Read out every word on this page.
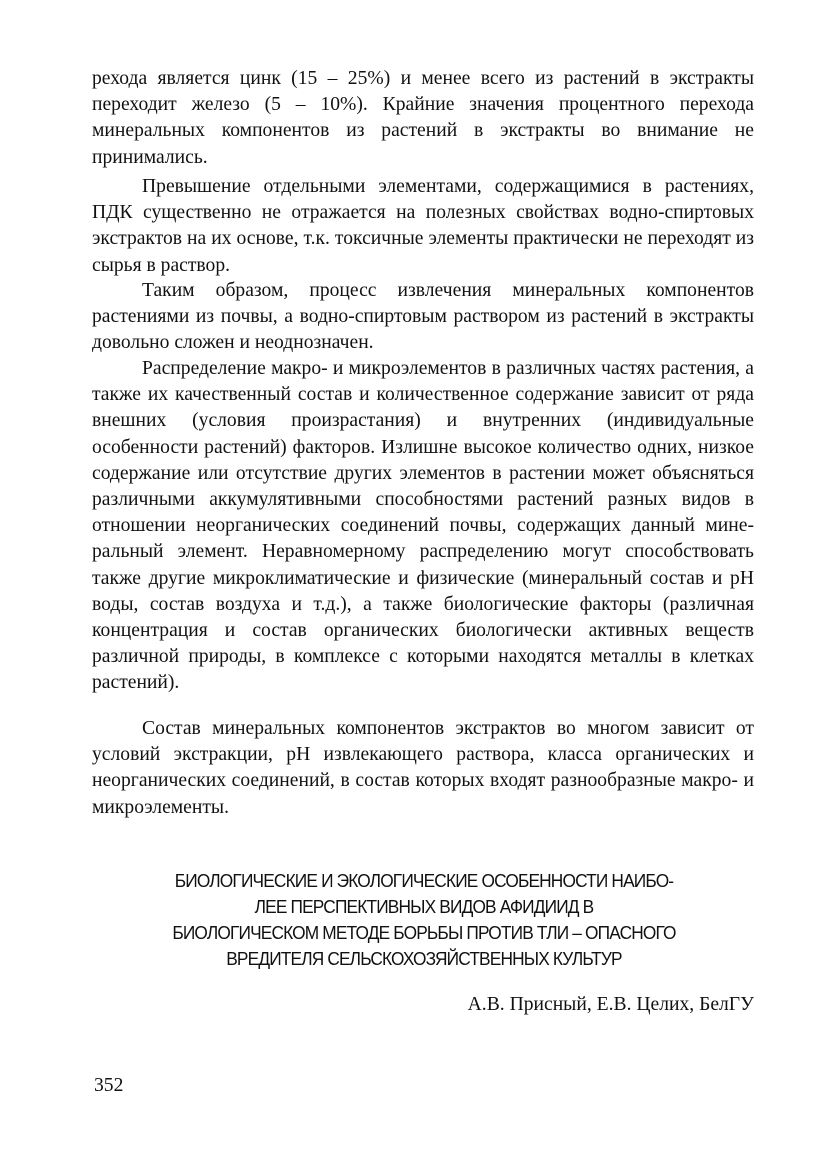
рехода является цинк (15 – 25%) и менее всего из растений в экстракты переходит железо (5 – 10%). Крайние значения процентного перехода минеральных компонентов из растений в экстракты во внимание не принимались.

Превышение отдельными элементами, содержащимися в растениях, ПДК существенно не отражается на полезных свойствах водно-спиртовых экстрактов на их основе, т.к. токсичные элементы практически не переходят из сырья в раствор.

Таким образом, процесс извлечения минеральных компонентов растениями из почвы, а водно-спиртовым раствором из растений в экстракты довольно сложен и неоднозначен.

Распределение макро- и микроэлементов в различных частях растения, а также их качественный состав и количественное содержание зависит от ряда внешних (условия произрастания) и внутренних (индивидуальные особенности растений) факторов. Излишне высокое количество одних, низкое содержание или отсутствие других элементов в растении может объясняться различными аккумулятивными способностями растений разных видов в отношении неорганических соединений почвы, содержащих данный минеральный элемент. Неравномерному распределению могут способствовать также другие микроклиматические и физические (минеральный состав и рН воды, состав воздуха и т.д.), а также биологические факторы (различная концентрация и состав органических биологически активных веществ различной природы, в комплексе с которыми находятся металлы в клетках растений).

Состав минеральных компонентов экстрактов во многом зависит от условий экстракции, рН извлекающего раствора, класса органических и неорганических соединений, в состав которых входят разнообразные макро- и микроэлементы.

БИОЛОГИЧЕСКИЕ И ЭКОЛОГИЧЕСКИЕ ОСОБЕННОСТИ НАИБО-
ЛЕЕ ПЕРСПЕКТИВНЫХ ВИДОВ АФИДИИД В
БИОЛОГИЧЕСКОМ МЕТОДЕ БОРЬБЫ ПРОТИВ ТЛИ – ОПАСНОГО
ВРЕДИТЕЛЯ СЕЛЬСКОХОЗЯЙСТВЕННЫХ КУЛЬТУР
А.В. Присный, Е.В. Целих, БелГУ
352
